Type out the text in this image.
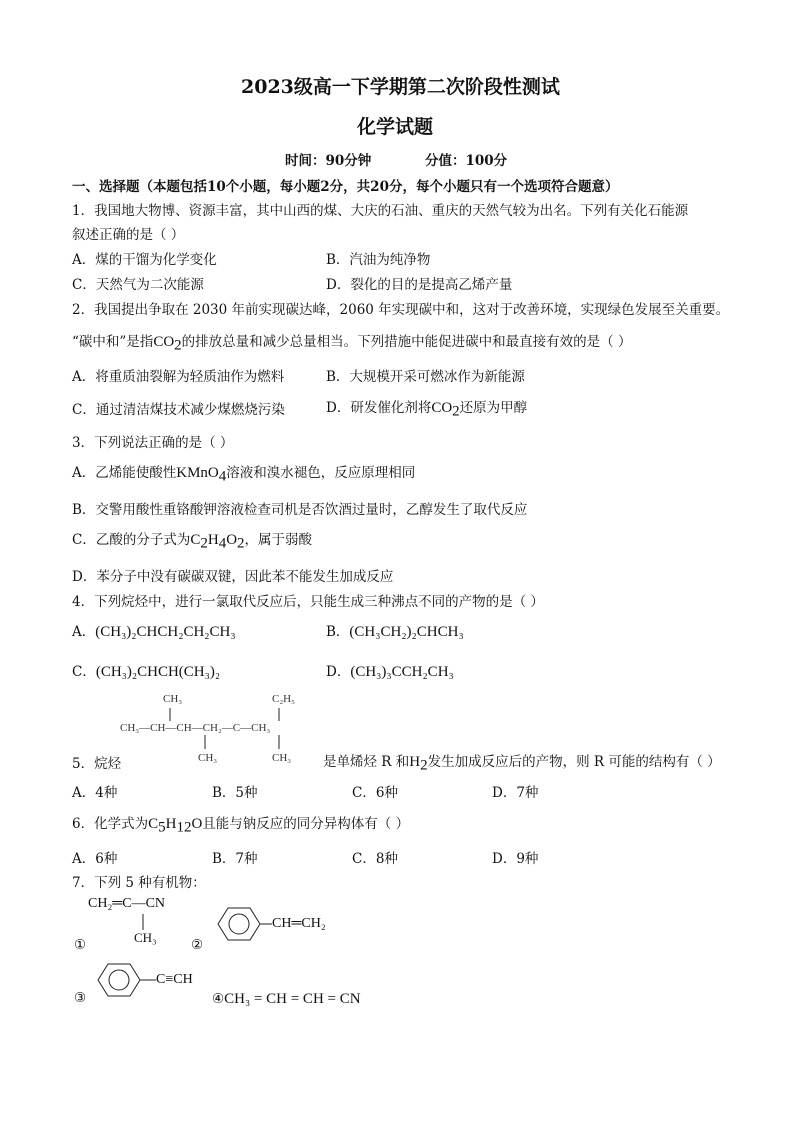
2023级高一下学期第二次阶段性测试
化学试题
时间：90分钟	分值：100分
一、选择题（本题包括10个小题，每小题2分，共20分，每个小题只有一个选项符合题意）
1．我国地大物博、资源丰富，其中山西的煤、大庆的石油、重庆的天然气较为出名。下列有关化石能源
叙述正确的是（ ）
A．煤的干馏为化学变化	B．汽油为纯净物
C．天然气为二次能源	D．裂化的目的是提高乙烯产量
2．我国提出争取在 2030 年前实现碳达峰，2060 年实现碳中和，这对于改善环境，实现绿色发展至关重要。
“碳中和”是指$CO_2$的排放总量和减少总量相当。下列措施中能促进碳中和最直接有效的是（ ）
A．将重质油裂解为轻质油作为燃料	B．大规模开采可燃冰作为新能源
C．通过清洁煤技术减少煤燃烧污染	D．研发催化剂将$CO_2$还原为甲醇
3．下列说法正确的是（ ）
A．乙烯能使酸性KMnO$_4$溶液和溴水褪色，反应原理相同
B．交警用酸性重铬酸钾溶液检查司机是否饮酒过量时，乙醇发生了取代反应
C．乙酸的分子式为$C_2H_4O_2$，属于弱酸
D．苯分子中没有碳碳双键，因此苯不能发生加成反应
4．下列烷烃中，进行一氯取代反应后，只能生成三种沸点不同的产物的是（ ）
A．(CH₃)₂CHCH₂CH₂CH₃	B．(CH₃CH₂)₂CHCH₃
C．(CH₃)₂CHCH(CH₃)₂	D．(CH₃)₃CCH₂CH₃
CH₃	C₂H₅
CH₃—CH—CH—CH₂—C—CH₃
CH₃	CH₃
5．烷烃	是单烯烃 R 和$H_2$发生加成反应后的产物，则 R 可能的结构有（ ）
A．4种	B．5种	C．6种	D．7种
6．化学式为$C_5H_{12}O$且能与钠反应的同分异构体有（ ）
A．6种	B．7种	C．8种	D．9种
7．下列 5 种有机物：
CH₂═C—CN
CH₃
①	②
CH═CH₂
③
C≡CH
④CH₃ = CH = CH = CN
